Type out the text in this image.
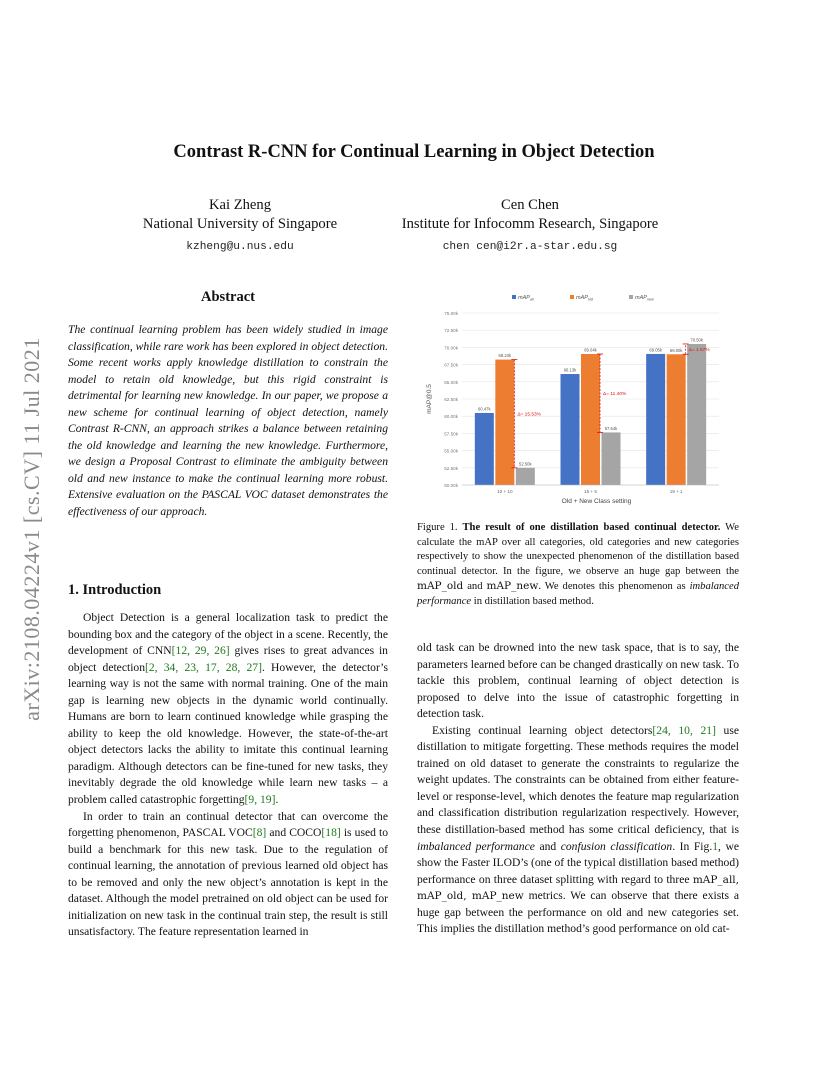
arXiv:2108.04224v1 [cs.CV] 11 Jul 2021
Contrast R-CNN for Continual Learning in Object Detection
Kai Zheng
National University of Singapore
kzheng@u.nus.edu
Cen Chen
Institute for Infocomm Research, Singapore
chen cen@i2r.a-star.edu.sg
Abstract
The continual learning problem has been widely studied in image classification, while rare work has been explored in object detection. Some recent works apply knowledge distillation to constrain the model to retain old knowledge, but this rigid constraint is detrimental for learning new knowledge. In our paper, we propose a new scheme for continual learning of object detection, namely Contrast R-CNN, an approach strikes a balance between retaining the old knowledge and learning the new knowledge. Furthermore, we design a Proposal Contrast to eliminate the ambiguity between old and new instance to make the continual learning more robust. Extensive evaluation on the PASCAL VOC dataset demonstrates the effectiveness of our approach.
1. Introduction

Object Detection is a general localization task to predict the bounding box and the category of the object in a scene. Recently, the development of CNN[12, 29, 26] gives rises to great advances in object detection[2, 34, 23, 17, 28, 27]. However, the detector’s learning way is not the same with normal training. One of the main gap is learning new objects in the dynamic world continually. Humans are born to learn continued knowledge while grasping the ability to keep the old knowledge. However, the state-of-the-art object detectors lacks the ability to imitate this continual learning paradigm. Although detectors can be fine-tuned for new tasks, they inevitably degrade the old knowledge while learn new tasks – a problem called catastrophic forgetting[9, 19].

In order to train an continual detector that can overcome the forgetting phenomenon, PASCAL VOC[8] and COCO[18] is used to build a benchmark for this new task. Due to the regulation of continual learning, the annotation of previous learned old object has to be removed and only the new object’s annotation is kept in the dataset. Although the model pretrained on old object can be used for initialization on new task in the continual train step, the result is still unsatisfactory. The feature representation learned in

old task can be drowned into the new task space, that is to say, the parameters learned before can be changed drastically on new task. To tackle this problem, continual learning of object detection is proposed to delve into the issue of catastrophic forgetting in detection task.

Existing continual learning object detectors[24, 10, 21] use distillation to mitigate forgetting. These methods requires the model trained on old dataset to generate the constraints to regularize the weight updates. The constraints can be obtained from either feature-level or response-level, which denotes the feature map regularization and classification distribution regularization respectively. However, these distillation-based method has some critical deficiency, that is imbalanced performance and confusion classification. In Fig.1, we show the Faster ILOD’s (one of the typical distillation based method) performance on three dataset splitting with regard to three mAP_all, mAP_old, mAP_new metrics. We can observe that there exists a huge gap between the performance on old and new categories set. This implies the distillation method’s good performance on old cat-

50.00k
52.50k
55.00k
57.50k
60.00k
62.50k
65.00k
67.50k
70.00k
72.50k
75.00k
mAP@0.5
Old + New Class setting
10 + 10
60.47k
68.23k
52.50k
Δ= 15.53%
15 + 5
66.13k
69.04k
57.64k
Δ= 11.40%
19 + 1
69.05k 69.00k
70.50k
Δ= 1.57%
mAP$_{all}$	mAP$_{old}$	mAP$_{new}$
Figure 1. The result of one distillation based continual detector. We calculate the mAP over all categories, old categories and new categories respectively to show the unexpected phenomenon of the distillation based continual detector. In the figure, we observe an huge gap between the mAP_old and mAP_new. We denotes this phenomenon as imbalanced performance in distillation based method.
